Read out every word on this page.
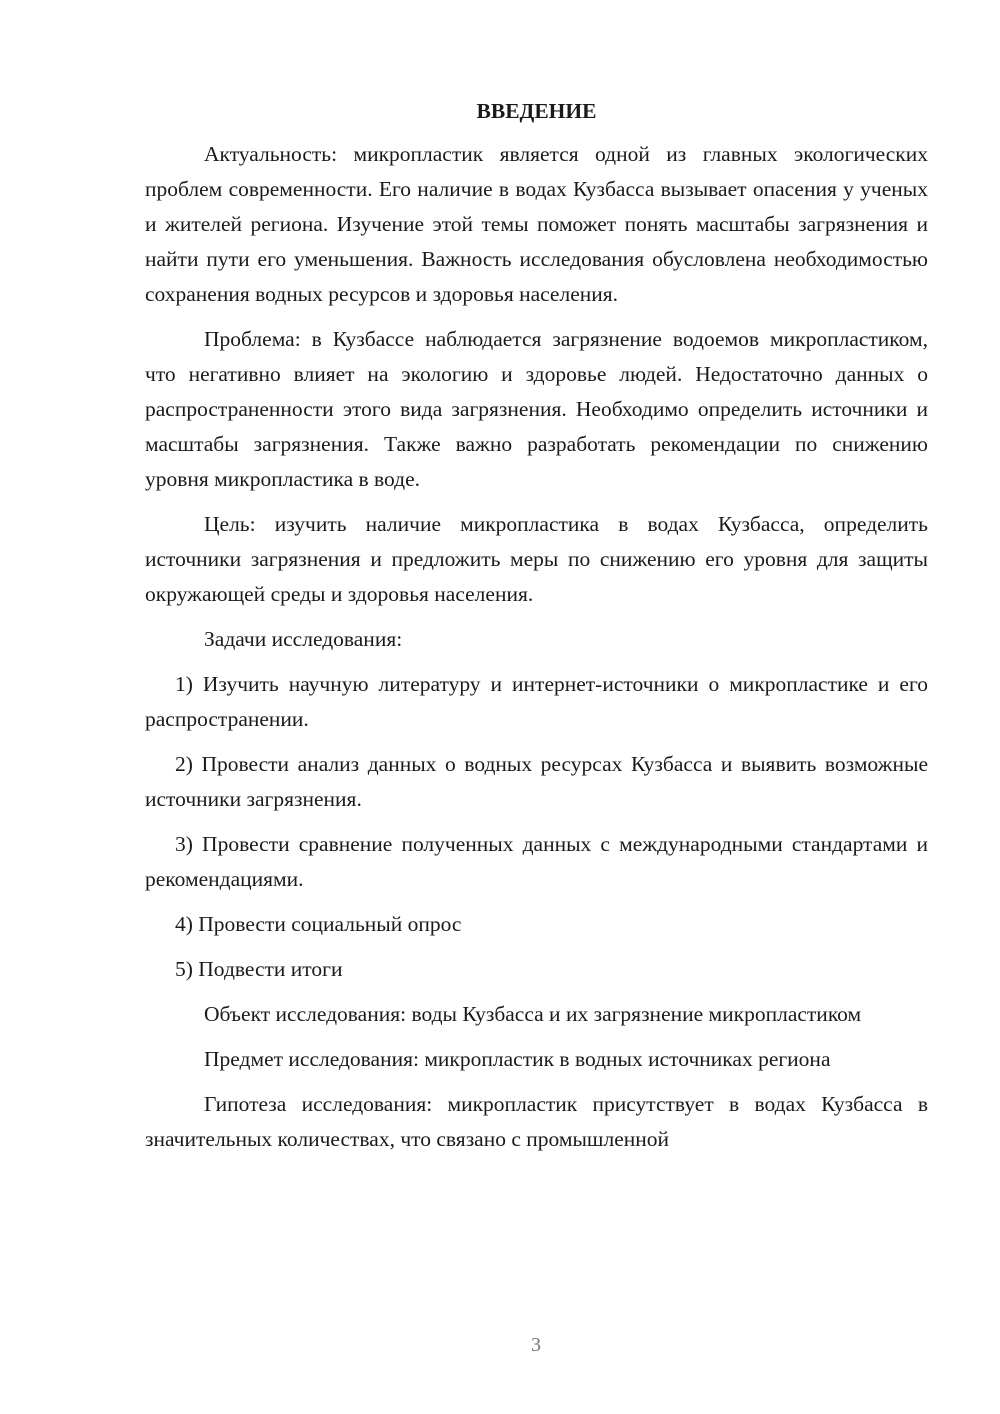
ВВЕДЕНИЕ

Актуальность: микропластик является одной из главных экологических проблем современности. Его наличие в водах Кузбасса вызывает опасения у ученых и жителей региона. Изучение этой темы поможет понять масштабы загрязнения и найти пути его уменьшения. Важность исследования обусловлена необходимостью сохранения водных ресурсов и здоровья населения.

Проблема: в Кузбассе наблюдается загрязнение водоемов микропластиком, что негативно влияет на экологию и здоровье людей. Недостаточно данных о распространенности этого вида загрязнения. Необходимо определить источники и масштабы загрязнения. Также важно разработать рекомендации по снижению уровня микропластика в воде.

Цель: изучить наличие микропластика в водах Кузбасса, определить источники загрязнения и предложить меры по снижению его уровня для защиты окружающей среды и здоровья населения.

Задачи исследования:

1) Изучить научную литературу и интернет-источники о микропластике и его распространении.

2) Провести анализ данных о водных ресурсах Кузбасса и выявить возможные источники загрязнения.

3) Провести сравнение полученных данных с международными стандартами и рекомендациями.

4) Провести социальный опрос

5) Подвести итоги

Объект исследования: воды Кузбасса и их загрязнение микропластиком

Предмет исследования: микропластик в водных источниках региона

Гипотеза исследования: микропластик присутствует в водах Кузбасса в значительных количествах, что связано с промышленной

3
